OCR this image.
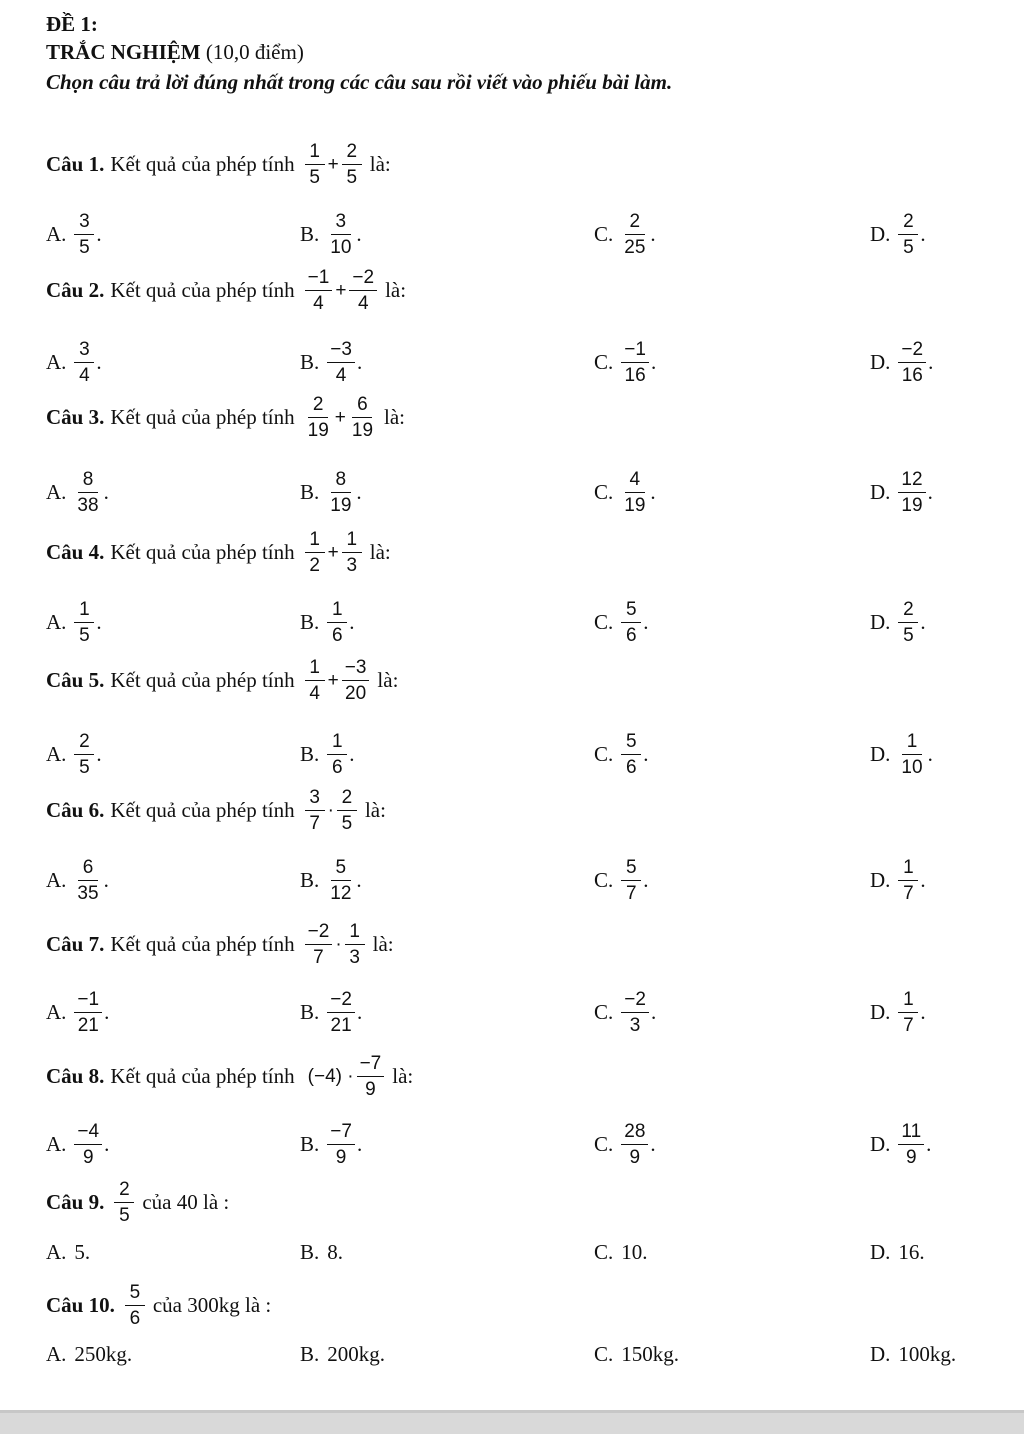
ĐỀ 1:
TRẮC NGHIỆM (10,0 điểm)
Chọn câu trả lời đúng nhất trong các câu sau rồi viết vào phiếu bài làm.
Câu 1. Kết quả của phép tính $\frac{1}{5} + \frac{2}{5}$ là:
A. $\frac{3}{5}$ .	B. $\frac{3}{10}$ .	C. $\frac{2}{25}$ .	D. $\frac{2}{5}$ .
Câu 2. Kết quả của phép tính $\frac{-1}{4} + \frac{-2}{4}$ là:
A. $\frac{3}{4}$ .	B. $\frac{-3}{4}$ .	C. $\frac{-1}{16}$ .	D. $\frac{-2}{16}$ .
Câu 3. Kết quả của phép tính $\frac{2}{19} + \frac{6}{19}$ là:
A. $\frac{8}{38}$ .	B. $\frac{8}{19}$ .	C. $\frac{4}{19}$ .	D. $\frac{12}{19}$ .
Câu 4. Kết quả của phép tính $\frac{1}{2} + \frac{1}{3}$ là:
A. $\frac{1}{5}$ .	B. $\frac{1}{6}$ .	C. $\frac{5}{6}$ .	D. $\frac{2}{5}$ .
Câu 5. Kết quả của phép tính $\frac{1}{4} + \frac{-3}{20}$ là:
A. $\frac{2}{5}$ .	B. $\frac{1}{6}$ .	C. $\frac{5}{6}$ .	D. $\frac{1}{10}$ .
Câu 6. Kết quả của phép tính $\frac{3}{7} \cdot \frac{2}{5}$ là:
A. $\frac{6}{35}$ .	B. $\frac{5}{12}$ .	C. $\frac{5}{7}$ .	D. $\frac{1}{7}$ .
Câu 7. Kết quả của phép tính $\frac{-2}{7} \cdot \frac{1}{3}$ là:
A. $\frac{-1}{21}$ .	B. $\frac{-2}{21}$ .	C. $\frac{-2}{3}$ .	D. $\frac{1}{7}$ .
Câu 8. Kết quả của phép tính $(-4) \cdot \frac{-7}{9}$ là:
A. $\frac{-4}{9}$ .	B. $\frac{-7}{9}$ .	C. $\frac{28}{9}$ .	D. $\frac{11}{9}$ .
Câu 9. $\frac{2}{5}$ của 40 là :
A. 5.	B. 8.	C. 10.	D. 16.
Câu 10. $\frac{5}{6}$ của 300kg là :
A. 250kg.	B. 200kg.	C. 150kg.	D. 100kg.
